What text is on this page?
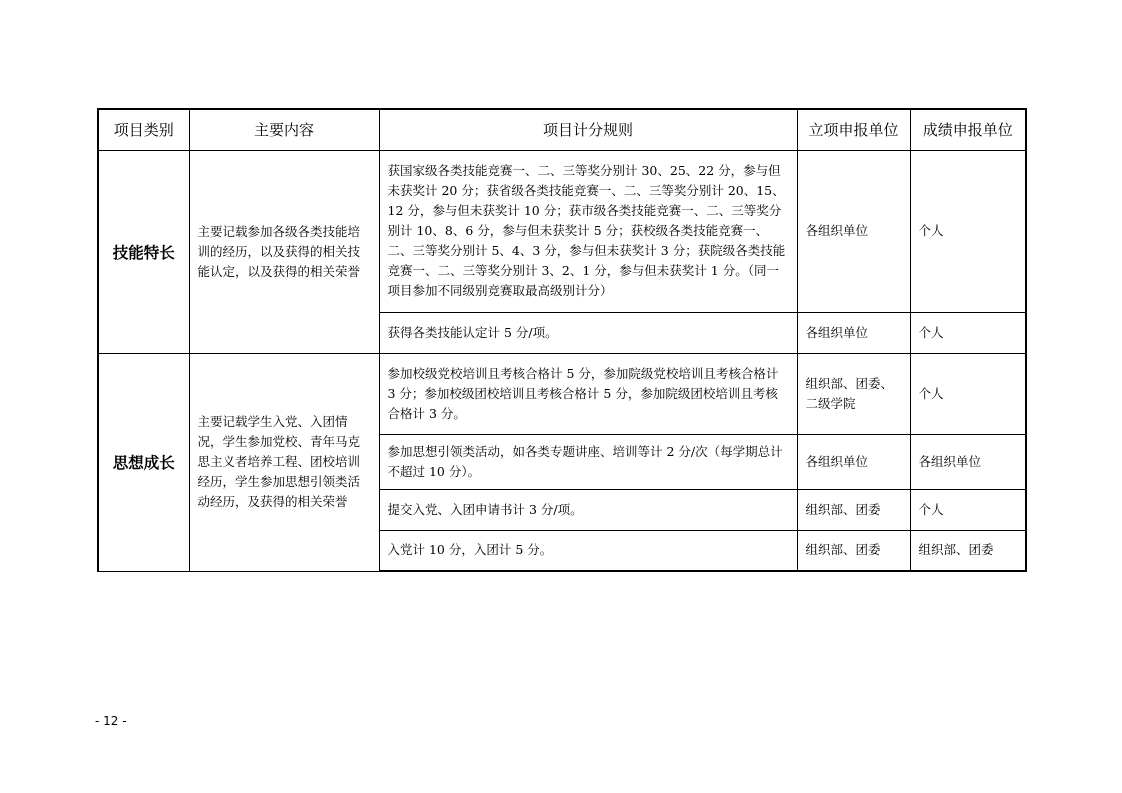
项目类别	主要内容	项目计分规则	立项申报单位	成绩申报单位
技能特长	主要记载参加各级各类技能培训的经历，以及获得的相关技能认定，以及获得的相关荣誉	获国家级各类技能竞赛一、二、三等奖分别计 30、25、22 分，参与但未获奖计 20 分；获省级各类技能竞赛一、二、三等奖分别计 20、15、12 分，参与但未获奖计 10 分；获市级各类技能竞赛一、二、三等奖分别计 10、8、6 分，参与但未获奖计 5 分；获校级各类技能竞赛一、二、三等奖分别计 5、4、3 分，参与但未获奖计 3 分；获院级各类技能竞赛一、二、三等奖分别计 3、2、1 分，参与但未获奖计 1 分。（同一项目参加不同级别竞赛取最高级别计分）	各组织单位	个人
		获得各类技能认定计 5 分/项。	各组织单位	个人
思想成长	主要记载学生入党、入团情况，学生参加党校、青年马克思主义者培养工程、团校培训经历，学生参加思想引领类活动经历，及获得的相关荣誉	参加校级党校培训且考核合格计 5 分，参加院级党校培训且考核合格计 3 分；参加校级团校培训且考核合格计 5 分，参加院级团校培训且考核合格计 3 分。	组织部、团委、二级学院	个人
		参加思想引领类活动，如各类专题讲座、培训等计 2 分/次（每学期总计不超过 10 分）。	各组织单位	各组织单位
		提交入党、入团申请书计 3 分/项。	组织部、团委	个人
		入党计 10 分，入团计 5 分。	组织部、团委	组织部、团委
- 12 -
